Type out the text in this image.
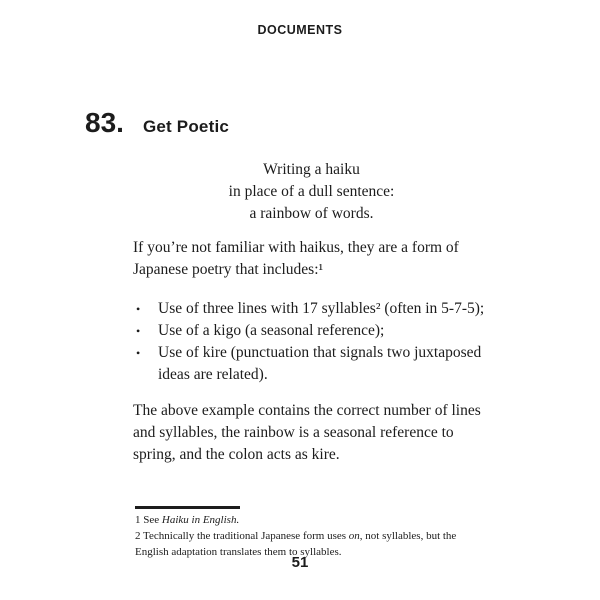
DOCUMENTS
83. Get Poetic
Writing a haiku
in place of a dull sentence:
a rainbow of words.
If you’re not familiar with haikus, they are a form of
Japanese poetry that includes:¹
•	Use of three lines with 17 syllables² (often in 5-7-5);
•	Use of a kigo (a seasonal reference);
•	Use of kire (punctuation that signals two juxtaposed
ideas are related).
The above example contains the correct number of lines
and syllables, the rainbow is a seasonal reference to
spring, and the colon acts as kire.
1 See Haiku in English.
2 Technically the traditional Japanese form uses on, not syllables, but the
English adaptation translates them to syllables.
51
